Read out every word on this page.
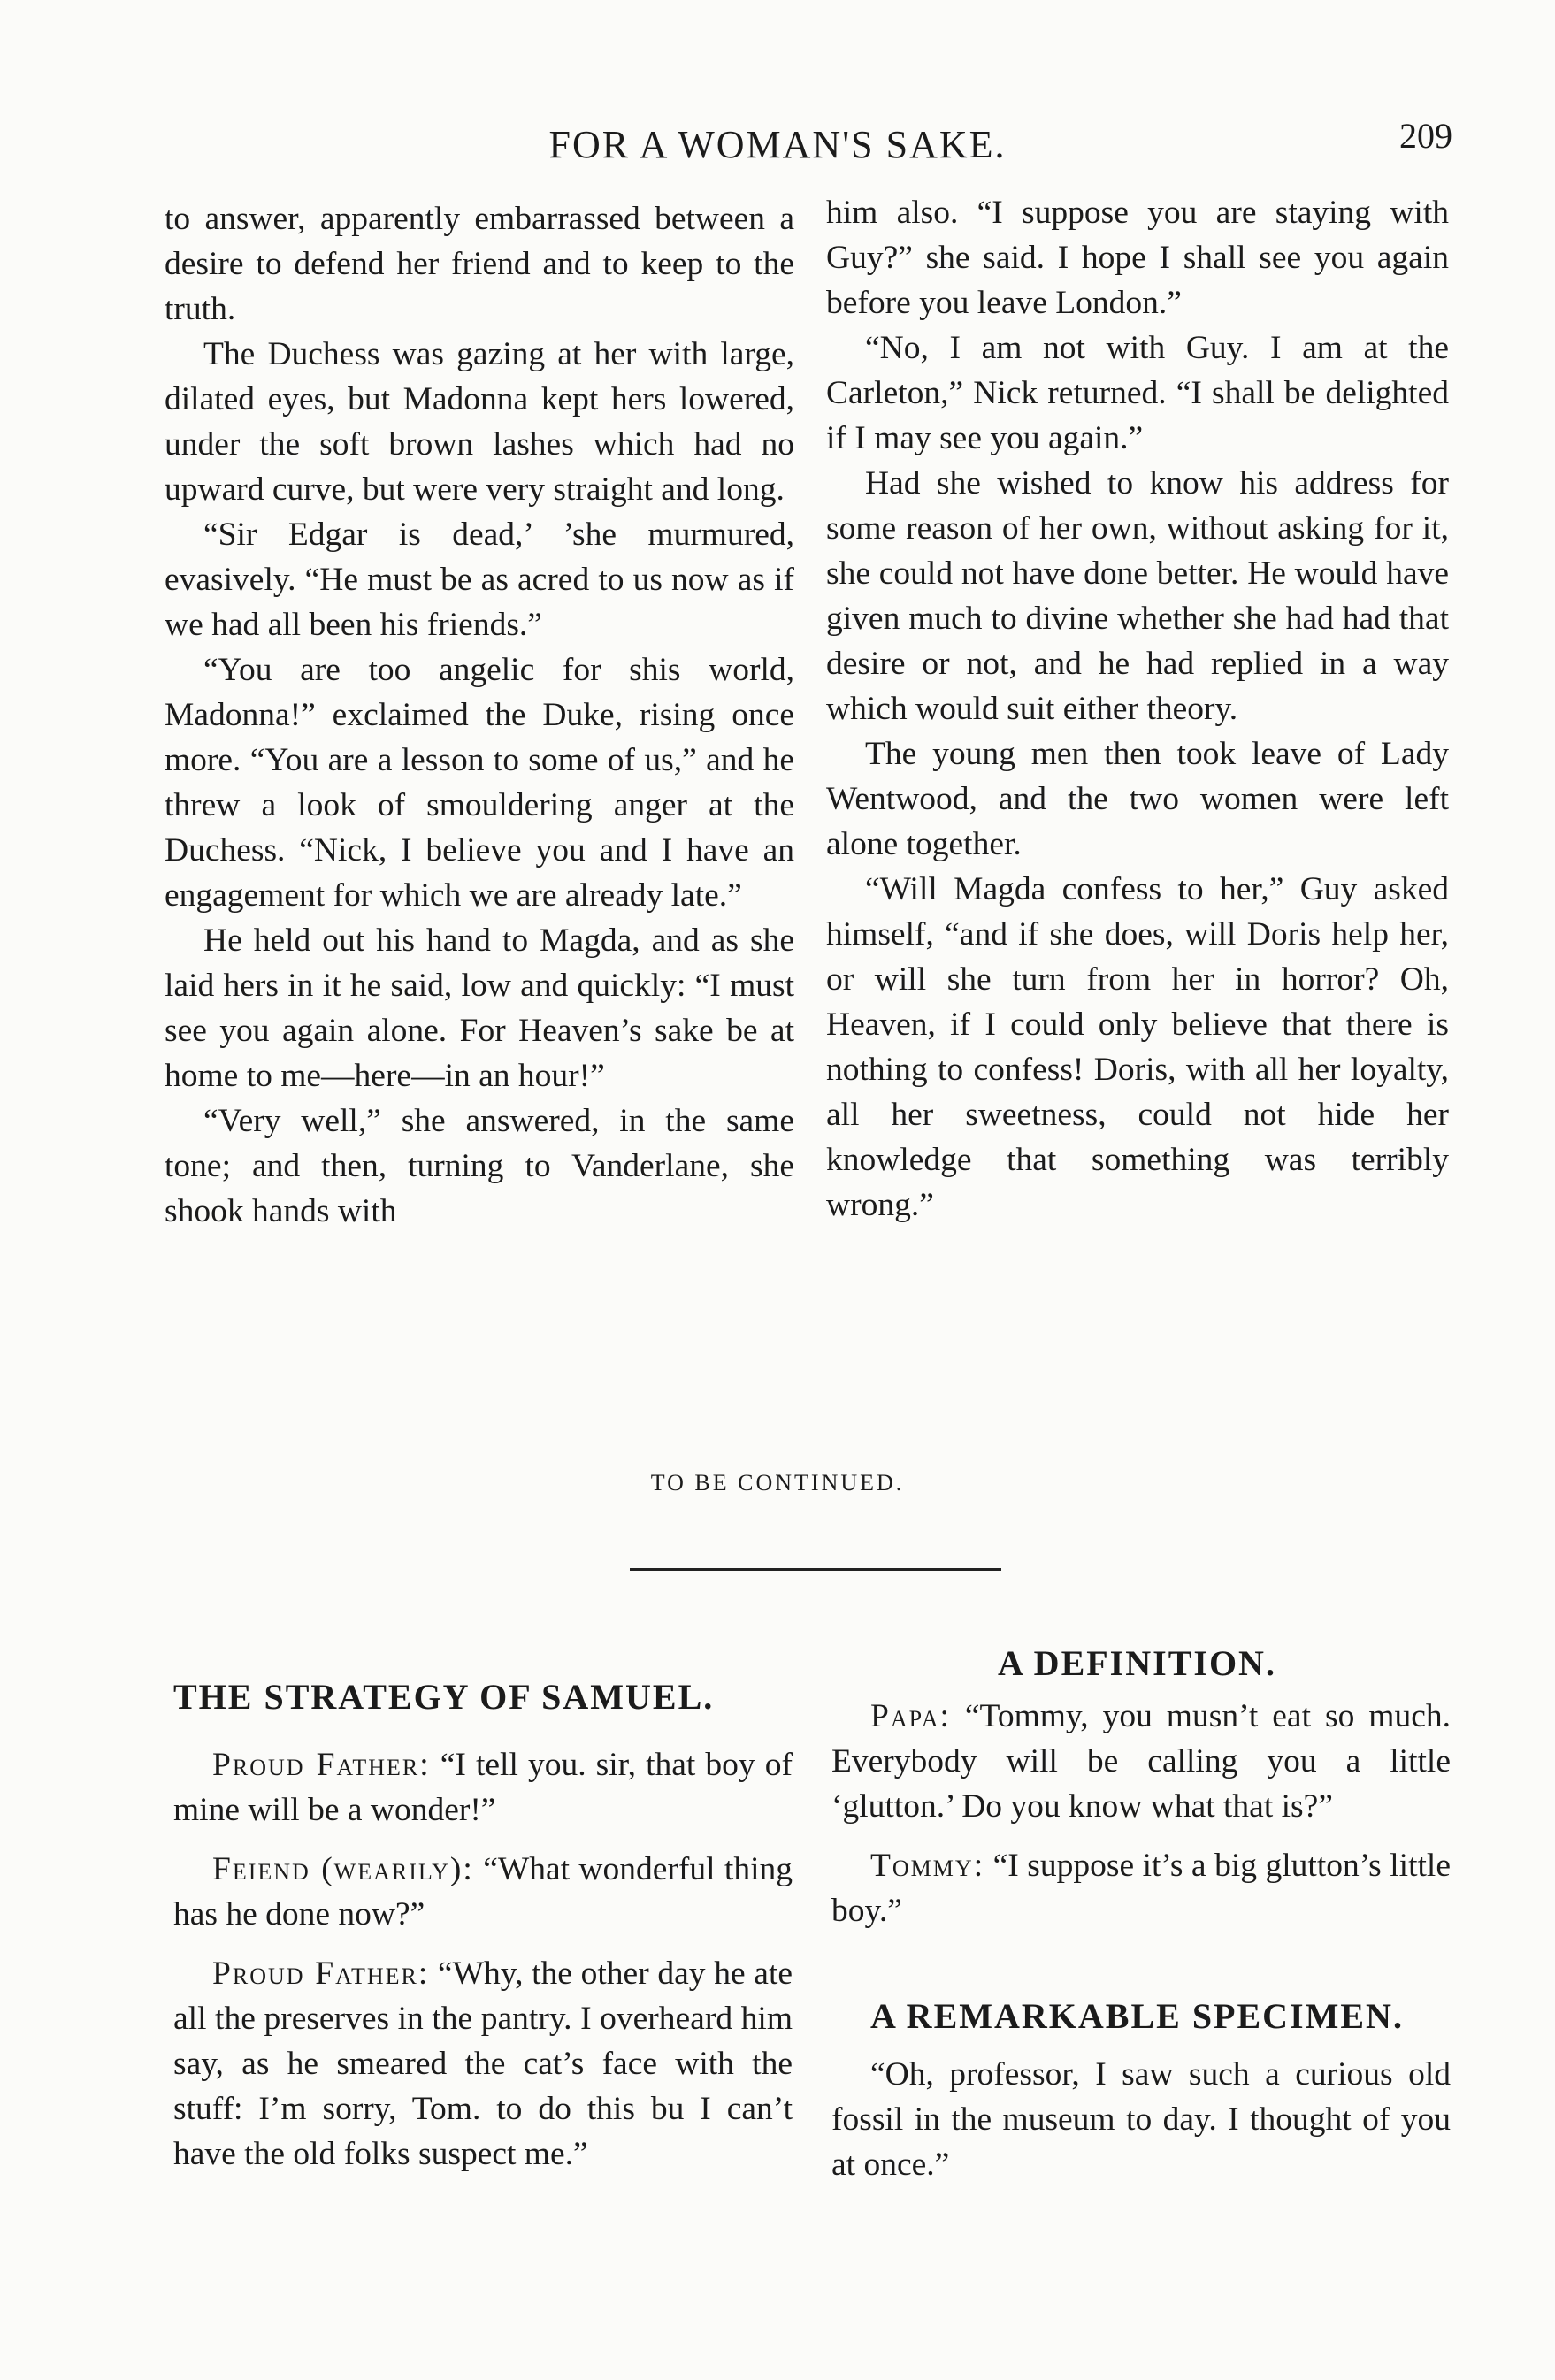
FOR A WOMAN'S SAKE.	209

to answer, apparently embarrassed between a desire to defend her friend and to keep to the truth.

The Duchess was gazing at her with large, dilated eyes, but Madonna kept hers lowered, under the soft brown lashes which had no upward curve, but were very straight and long.

“Sir Edgar is dead,’ ’she murmured, evasively. “He must be as acred to us now as if we had all been his friends.”

“You are too angelic for shis world, Madonna!” exclaimed the Duke, rising once more. “You are a lesson to some of us,” and he threw a look of smouldering anger at the Duchess. “Nick, I believe you and I have an engagement for which we are already late.”

He held out his hand to Magda, and as she laid hers in it he said, low and quickly: “I must see you again alone. For Heaven’s sake be at home to me—here—in an hour!”

“Very well,” she answered, in the same tone; and then, turning to Vanderlane, she shook hands with

him also. “I suppose you are staying with Guy?” she said. I hope I shall see you again before you leave London.”

“No, I am not with Guy. I am at the Carleton,” Nick returned. “I shall be delighted if I may see you again.”

Had she wished to know his address for some reason of her own, without asking for it, she could not have done better. He would have given much to divine whether she had had that desire or not, and he had replied in a way which would suit either theory.

The young men then took leave of Lady Wentwood, and the two women were left alone together.

“Will Magda confess to her,” Guy asked himself, “and if she does, will Doris help her, or will she turn from her in horror? Oh, Heaven, if I could only believe that there is nothing to confess! Doris, with all her loyalty, all her sweetness, could not hide her knowledge that something was terribly wrong.”

TO BE CONTINUED.
THE STRATEGY OF SAMUEL.

Proud Father: “I tell you. sir, that boy of mine will be a wonder!”

Feiend (wearily): “What wonderful thing has he done now?”

Proud Father: “Why, the other day he ate all the preserves in the pantry. I overheard him say, as he smeared the cat’s face with the stuff: I’m sorry, Tom. to do this bu I can’t have the old folks suspect me.”

A DEFINITION.

Papa: “Tommy, you musn’t eat so much. Everybody will be calling you a little ‘glutton.’ Do you know what that is?”

Tommy: “I suppose it’s a big glutton’s little boy.”

A REMARKABLE SPECIMEN.

“Oh, professor, I saw such a curious old fossil in the museum to day. I thought of you at once.”
